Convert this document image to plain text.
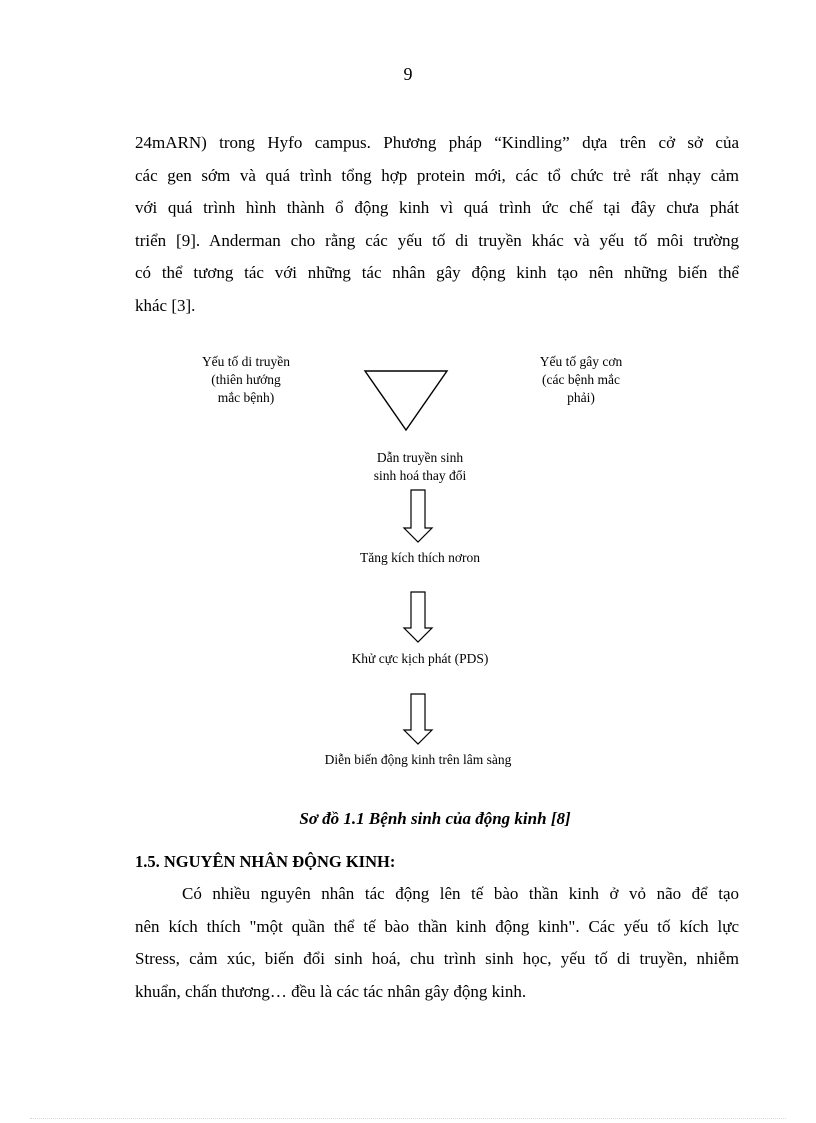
9

24mARN) trong Hyfo campus. Phương pháp “Kindling” dựa trên cở sở của
các gen sớm và quá trình tổng hợp protein mới, các tổ chức trẻ rất nhạy cảm
với quá trình hình thành ổ động kinh vì quá trình ức chế tại đây chưa phát
triển [9]. Anderman cho rằng các yếu tố di truyền khác và yếu tố môi trường
có thể tương tác với những tác nhân gây động kinh tạo nên những biến thể
khác [3].

Yếu tố di truyền
(thiên hướng
mắc bệnh)
Yếu tố gây cơn
(các bệnh mắc
phải)
Dẫn truyền sinh
sinh hoá thay đổi
Tăng kích thích nơron
Khử cực kịch phát (PDS)
Diễn biến động kinh trên lâm sàng
Sơ đồ 1.1 Bệnh sinh của động kinh [8]
1.5. NGUYÊN NHÂN ĐỘNG KINH:

Có nhiều nguyên nhân tác động lên tế bào thần kinh ở vỏ não để tạo
nên kích thích "một quần thể tế bào thần kinh động kinh". Các yếu tố kích lực
Stress, cảm xúc, biến đổi sinh hoá, chu trình sinh học, yếu tố di truyền, nhiễm
khuẩn, chấn thương… đều là các tác nhân gây động kinh.
